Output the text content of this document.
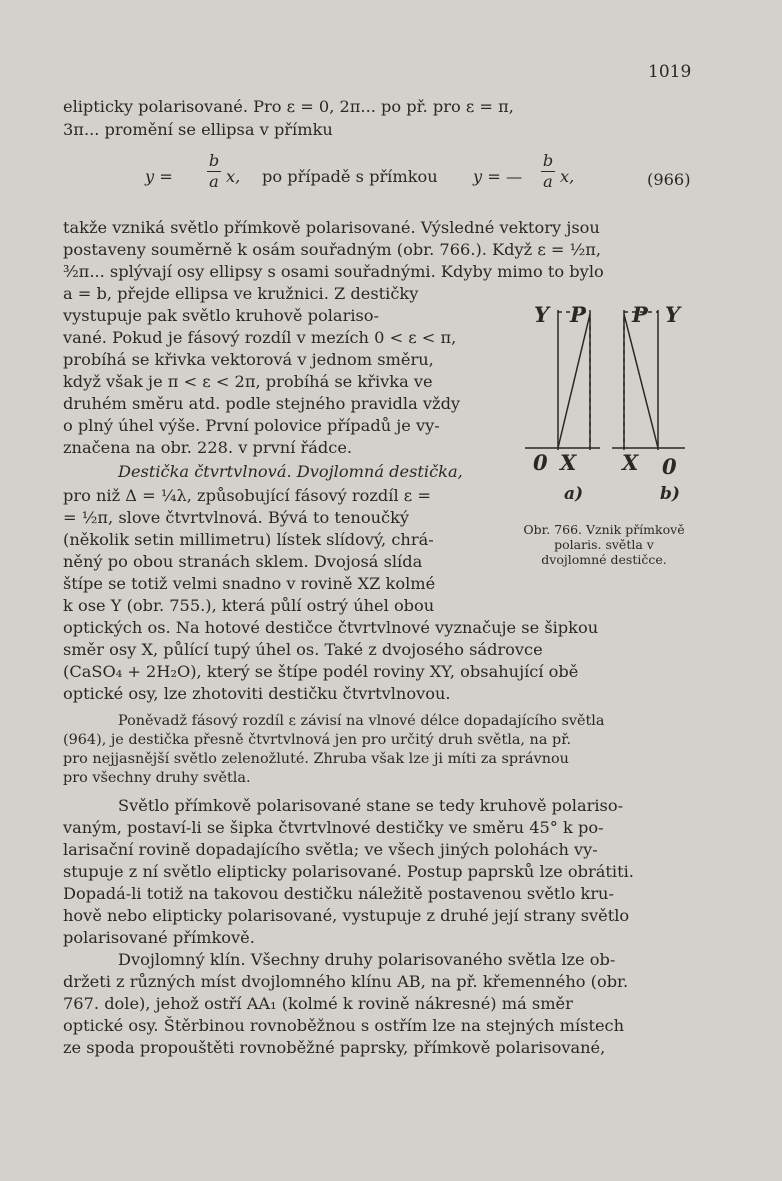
1019
elipticky polarisované. Pro ε = 0, 2π... po př. pro ε = π,
3π... promění se ellipsa v přímku
y =
b
a x, po případě s přímkou y = —
b
a x,	(966)
takže vzniká světlo přímkově polarisované. Výsledné vektory jsou
postaveny souměrně k osám souřadným (obr. 766.). Když ε = ½π,
³⁄₂π... splývají osy ellipsy s osami souřadnými. Kdyby mimo to bylo
a = b, přejde ellipsa ve kružnici. Z destičky
vystupuje pak světlo kruhově polariso-
vané. Pokud je fásový rozdíl v mezích 0 < ε < π,
probíhá se křivka vektorová v jednom směru,
když však je π < ε < 2π, probíhá se křivka ve
druhém směru atd. podle stejného pravidla vždy
o plný úhel výše. První polovice případů je vy-
značena na obr. 228. v první řádce.
Destička čtvrtvlnová. Dvojlomná destička,
pro niž Δ = ¼λ, způsobující fásový rozdíl ε =
= ½π, slove čtvrtvlnová. Bývá to tenoučký
(několik setin millimetru) lístek slídový, chrá-
něný po obou stranách sklem. Dvojosá slída
štípe se totiž velmi snadno v rovině XZ kolmé
k ose Y (obr. 755.), která půlí ostrý úhel obou
optických os. Na hotové destičce čtvrtvlnové vyznačuje se šipkou
směr osy X, půlící tupý úhel os. Také z dvojosého sádrovce
(CaSO₄ + 2H₂O), který se štípe podél roviny XY, obsahující obě
optické osy, lze zhotoviti destičku čtvrtvlnovou.
Poněvadž fásový rozdíl ε závisí na vlnové délce dopadajícího světla
(964), je destička přesně čtvrtvlnová jen pro určitý druh světla, na př.
pro nejjasnější světlo zelenožluté. Zhruba však lze ji míti za správnou
pro všechny druhy světla.
Světlo přímkově polarisované stane se tedy kruhově polariso-
vaným, postaví-li se šipka čtvrtvlnové destičky ve směru 45° k po-
larisační rovině dopadajícího světla; ve všech jiných polohách vy-
stupuje z ní světlo elipticky polarisované. Postup paprsků lze obrátiti.
Dopadá-li totiž na takovou destičku náležitě postavenou světlo kru-
hově nebo elipticky polarisované, vystupuje z druhé její strany světlo
polarisované přímkově.
Dvojlomný klín. Všechny druhy polarisovaného světla lze ob-
držeti z různých míst dvojlomného klínu AB, na př. křemenného (obr.
767. dole), jehož ostří AA₁ (kolmé k rovině nákresné) má směr
optické osy. Štěrbinou rovnoběžnou s ostřím lze na stejných místech
ze spoda propouštěti rovnoběžné paprsky, přímkově polarisované,
Y P P Y
0 X X 0
a)	b)
Obr. 766. Vznik přímkově polaris. světla v dvojlomné destičce.
